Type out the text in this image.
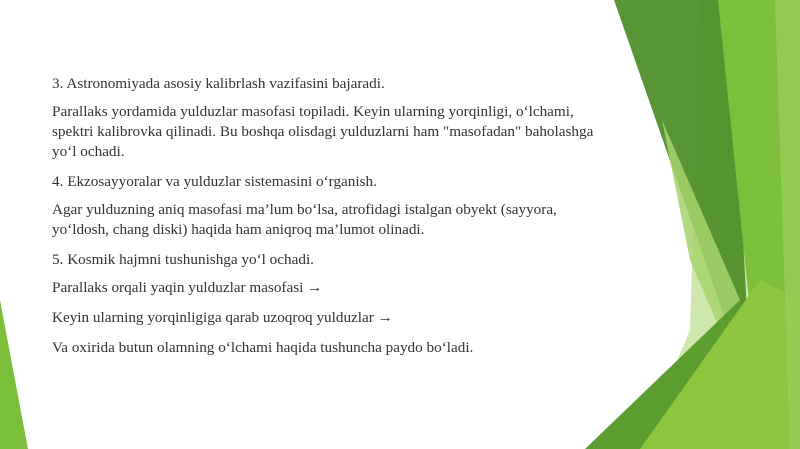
3. Astronomiyada asosiy kalibrlash vazifasini bajaradi.

Parallaks yordamida yulduzlar masofasi topiladi. Keyin ularning yorqinligi, o‘lchami, spektri kalibrovka qilinadi. Bu boshqa olisdagi yulduzlarni ham "masofadan" baholashga yo‘l ochadi.

4. Ekzosayyoralar va yulduzlar sistemasini o‘rganish.

Agar yulduzning aniq masofasi ma’lum bo‘lsa, atrofidagi istalgan obyekt (sayyora, yo‘ldosh, chang diski) haqida ham aniqroq ma’lumot olinadi.

5. Kosmik hajmni tushunishga yo‘l ochadi.

Parallaks orqali yaqin yulduzlar masofasi →

Keyin ularning yorqinligiga qarab uzoqroq yulduzlar →

Va oxirida butun olamning o‘lchami haqida tushuncha paydo bo‘ladi.
